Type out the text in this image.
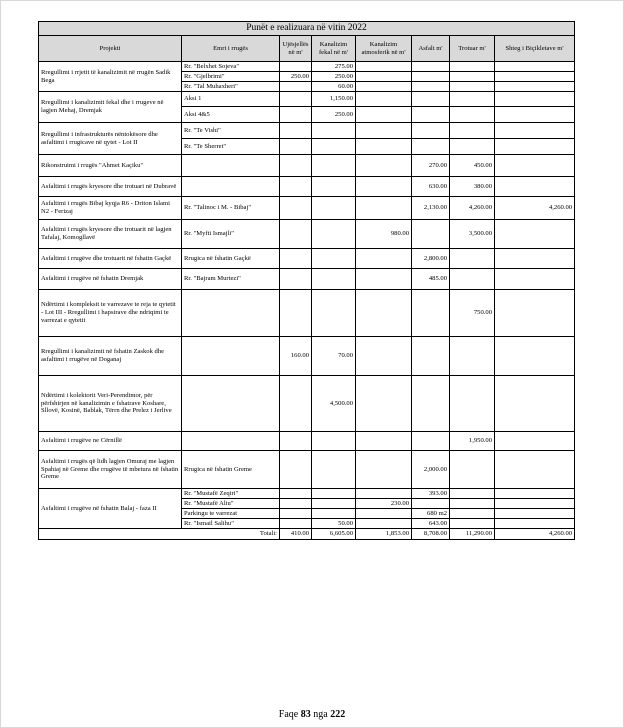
Punët e realizuara në vitin 2022							
Projekti	Emri i rrugës	Ujësjellës në m'	Kanalizim fekal në m'	Kanalizim atmosferik në m'	Asfalt m'	Trotuar m'	Shteg i Biçikletave m'
Rregullimi i rrjetit të kanalizimit në rrugën Sadik Bega	Rr. "Belxhet Sojeva"		275.00				
	Rr. "Gjelbrimi"	250.00	250.00				
	Rr. "Tal Muhaxheri"		60.00				
Rregullimi i kanalizimit fekal dhe i rrugeve në lagjen Mehaj, Dremjak	Aksi 1		1,150.00				
	Aksi 4&5		250.00				
Rregullimi i infrastrukturës nëntokësore dhe asfaltimi i rrugicave në qytet - Lot II	Rr. "Te Vishi"						
	Rr. "Te Sherret"						
Rikonstruimi i rrugës "Ahmet Kaçiku"					270.00	450.00	
Asfaltimi i rrugës kryesore dhe trotuari në Dubravë					630.00	380.00	
Asfaltimi i rrugës Bibaj kyqja R6 - Driton Islami N2 - Ferizaj	Rr. "Talinoc i M. - Bibaj"				2,130.00	4,260.00	4,260.00
Asfaltimi i rrugës kryesore dhe trotuarit në lagjen Tafalaj, Komogllavë	Rr. "Myfti Ismajli"			980.00		3,500.00	
Asfaltimi i rrugëve dhe trotuarit në fshatin Gaçkë	Rrugica në fshatin Gaçkë				2,800.00		
Asfaltimi i rrugëve në fshatin Dremjak	Rr. "Bajram Murtezi"				485.00		
Ndërtimi i kompleksit te varrezave te reja te qytetit - Lot III - Rregullimi i hapsirave dhe ndriqimi te varrezat e qytetit						750.00	
Rregullimi i kanalizimit në fshatin Zaskok dhe asfaltimi i rrugëve në Doganaj		160.00	70.00				
Ndërtimi i kolektorit Veri-Perendimor, për përfshirjen në kanalizimin e fshatrave Koshare, Sllovë, Kosinë, Bablak, Tërrn dhe Prelez i Jerlive			4,500.00				
Asfaltimi i rrugëve ne Cërnillë						1,950.00	
Asfaltimi i rrugës që lidh lagjen Omuraj me lagjen Spahiaj në Greme dhe rrugëve të mbetura në fshatin Greme	Rrugica në fshatin Greme				2,000.00		
Asfaltimi i rrugëve në fshatin Balaj - faza II	Rr. "Mustafë Zeqiri"				393.00		
	Rr. "Mustafë Aliu"			230.00			
	Parkingu te varrezat				680 m2		
	Rr. "Ismail Salihu"		50.00		643.00		
Totali:		410.00	6,605.00	1,853.00	8,708.00	11,290.00	4,260.00
Faqe 83 nga 222
